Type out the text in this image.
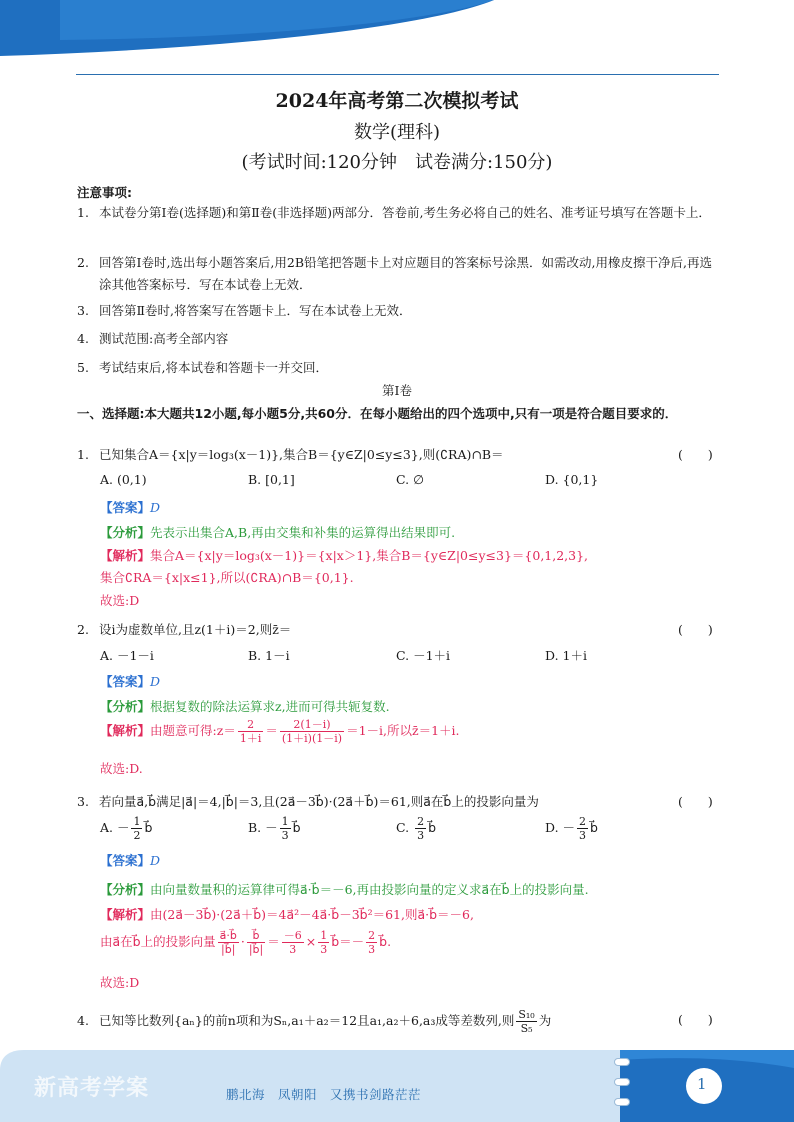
2024年高考第二次模拟考试
数学(理科)
(考试时间:120分钟　试卷满分:150分)
注意事项:
1. 本试卷分第Ⅰ卷(选择题)和第Ⅱ卷(非选择题)两部分．答卷前,考生务必将自己的姓名、准考证号填写在答题卡上．
2. 回答第Ⅰ卷时,选出每小题答案后,用2B铅笔把答题卡上对应题目的答案标号涂黑．如需改动,用橡皮擦干净后,再选涂其他答案标号．写在本试卷上无效．
3. 回答第Ⅱ卷时,将答案写在答题卡上．写在本试卷上无效．
4. 测试范围:高考全部内容
5. 考试结束后,将本试卷和答题卡一并交回．
第Ⅰ卷
一、选择题:本大题共12小题,每小题5分,共60分．在每小题给出的四个选项中,只有一项是符合题目要求的．
1. 已知集合A＝{x|y＝log₃(x－1)},集合B＝{y∈Z|0≤y≤3},则(∁RA)∩B＝	(　　)
A. (0,1)	B. [0,1]	C. ∅	D. {0,1}
【答案】D
【分析】先表示出集合A,B,再由交集和补集的运算得出结果即可.
【解析】集合A＝{x|y＝log₃(x－1)}＝{x|x＞1},集合B＝{y∈Z|0≤y≤3}＝{0,1,2,3},
集合∁RA＝{x|x≤1},所以(∁RA)∩B＝{0,1}.
故选:D
2. 设i为虚数单位,且z(1＋i)＝2,则z̄＝	(　　)
A. －1－i	B. 1－i	C. －1＋i	D. 1＋i
【答案】D
【分析】根据复数的除法运算求z,进而可得共轭复数.
【解析】由题意可得:z＝ $\frac{2}{1+i} = \frac{2(1-i)}{(1+i)(1-i)} =1-i$,所以z̄＝1＋i.
故选:D.
3. 若向量a⃗,b⃗满足|a⃗|＝4,|b⃗|＝3,且(2a⃗－3b⃗)·(2a⃗＋b⃗)＝61,则a⃗在b⃗上的投影向量为	(　　)
A. － $\frac{1}{2}$ b⃗	B. － $\frac{1}{3}$ b⃗	C. $\frac{2}{3}$ b⃗	D. － $\frac{2}{3}$ b⃗
【答案】D
【分析】由向量数量积的运算律可得a⃗·b⃗＝－6,再由投影向量的定义求a⃗在b⃗上的投影向量.
【解析】由(2a⃗－3b⃗)·(2a⃗＋b⃗)＝4a⃗²－4a⃗·b⃗－3b⃗²＝61,则a⃗·b⃗＝－6,
由a⃗在b⃗上的投影向量 $\frac{a⃗\cdot b⃗}{|b⃗|} \cdot \frac{b⃗}{|b⃗|} = \frac{-6}{3} \times \frac{1}{3}$ b⃗＝－ $\frac{2}{3}$ b⃗.
故选:D
4. 已知等比数列{aₙ}的前n项和为Sₙ,a₁＋a₂＝12且a₁,a₂＋6,a₃成等差数列,则 $\frac{\text{S₁₀}}{\text{S₅}}$ 为	(　　)
新高考学案	鹏北海　凤朝阳　又携书剑路茫茫
1
